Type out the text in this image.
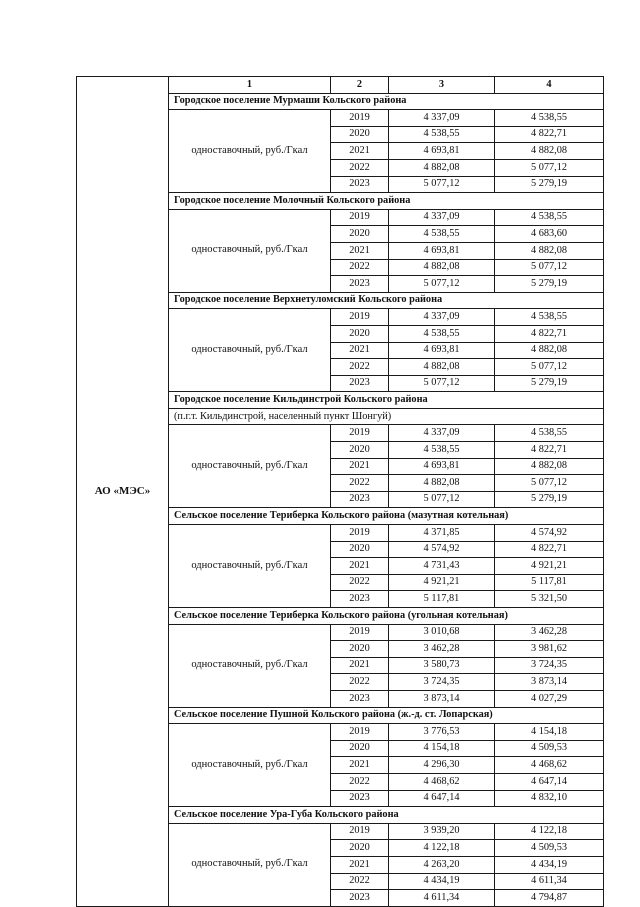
АО «МЭС»	1	2	3	4
	Городское поселение Мурмаши Кольского района			
	одноставочный, руб./Гкал	2019	4 337,09	4 538,55
		2020	4 538,55	4 822,71
		2021	4 693,81	4 882,08
		2022	4 882,08	5 077,12
		2023	5 077,12	5 279,19
	Городское поселение Молочный Кольского района			
	одноставочный, руб./Гкал	2019	4 337,09	4 538,55
		2020	4 538,55	4 683,60
		2021	4 693,81	4 882,08
		2022	4 882,08	5 077,12
		2023	5 077,12	5 279,19
	Городское поселение Верхнетуломский Кольского района			
	одноставочный, руб./Гкал	2019	4 337,09	4 538,55
		2020	4 538,55	4 822,71
		2021	4 693,81	4 882,08
		2022	4 882,08	5 077,12
		2023	5 077,12	5 279,19
	Городское поселение Кильдинстрой Кольского района			
	(п.г.т. Кильдинстрой, населенный пункт Шонгуй)			
	одноставочный, руб./Гкал	2019	4 337,09	4 538,55
		2020	4 538,55	4 822,71
		2021	4 693,81	4 882,08
		2022	4 882,08	5 077,12
		2023	5 077,12	5 279,19
	Сельское поселение Териберка Кольского района (мазутная котельная)			
	одноставочный, руб./Гкал	2019	4 371,85	4 574,92
		2020	4 574,92	4 822,71
		2021	4 731,43	4 921,21
		2022	4 921,21	5 117,81
		2023	5 117,81	5 321,50
	Сельское поселение Териберка Кольского района (угольная котельная)			
	одноставочный, руб./Гкал	2019	3 010,68	3 462,28
		2020	3 462,28	3 981,62
		2021	3 580,73	3 724,35
		2022	3 724,35	3 873,14
		2023	3 873,14	4 027,29
	Сельское поселение Пушной Кольского района (ж.-д. ст. Лопарская)			
	одноставочный, руб./Гкал	2019	3 776,53	4 154,18
		2020	4 154,18	4 509,53
		2021	4 296,30	4 468,62
		2022	4 468,62	4 647,14
		2023	4 647,14	4 832,10
	Сельское поселение Ура-Губа Кольского района			
	одноставочный, руб./Гкал	2019	3 939,20	4 122,18
		2020	4 122,18	4 509,53
		2021	4 263,20	4 434,19
		2022	4 434,19	4 611,34
		2023	4 611,34	4 794,87
